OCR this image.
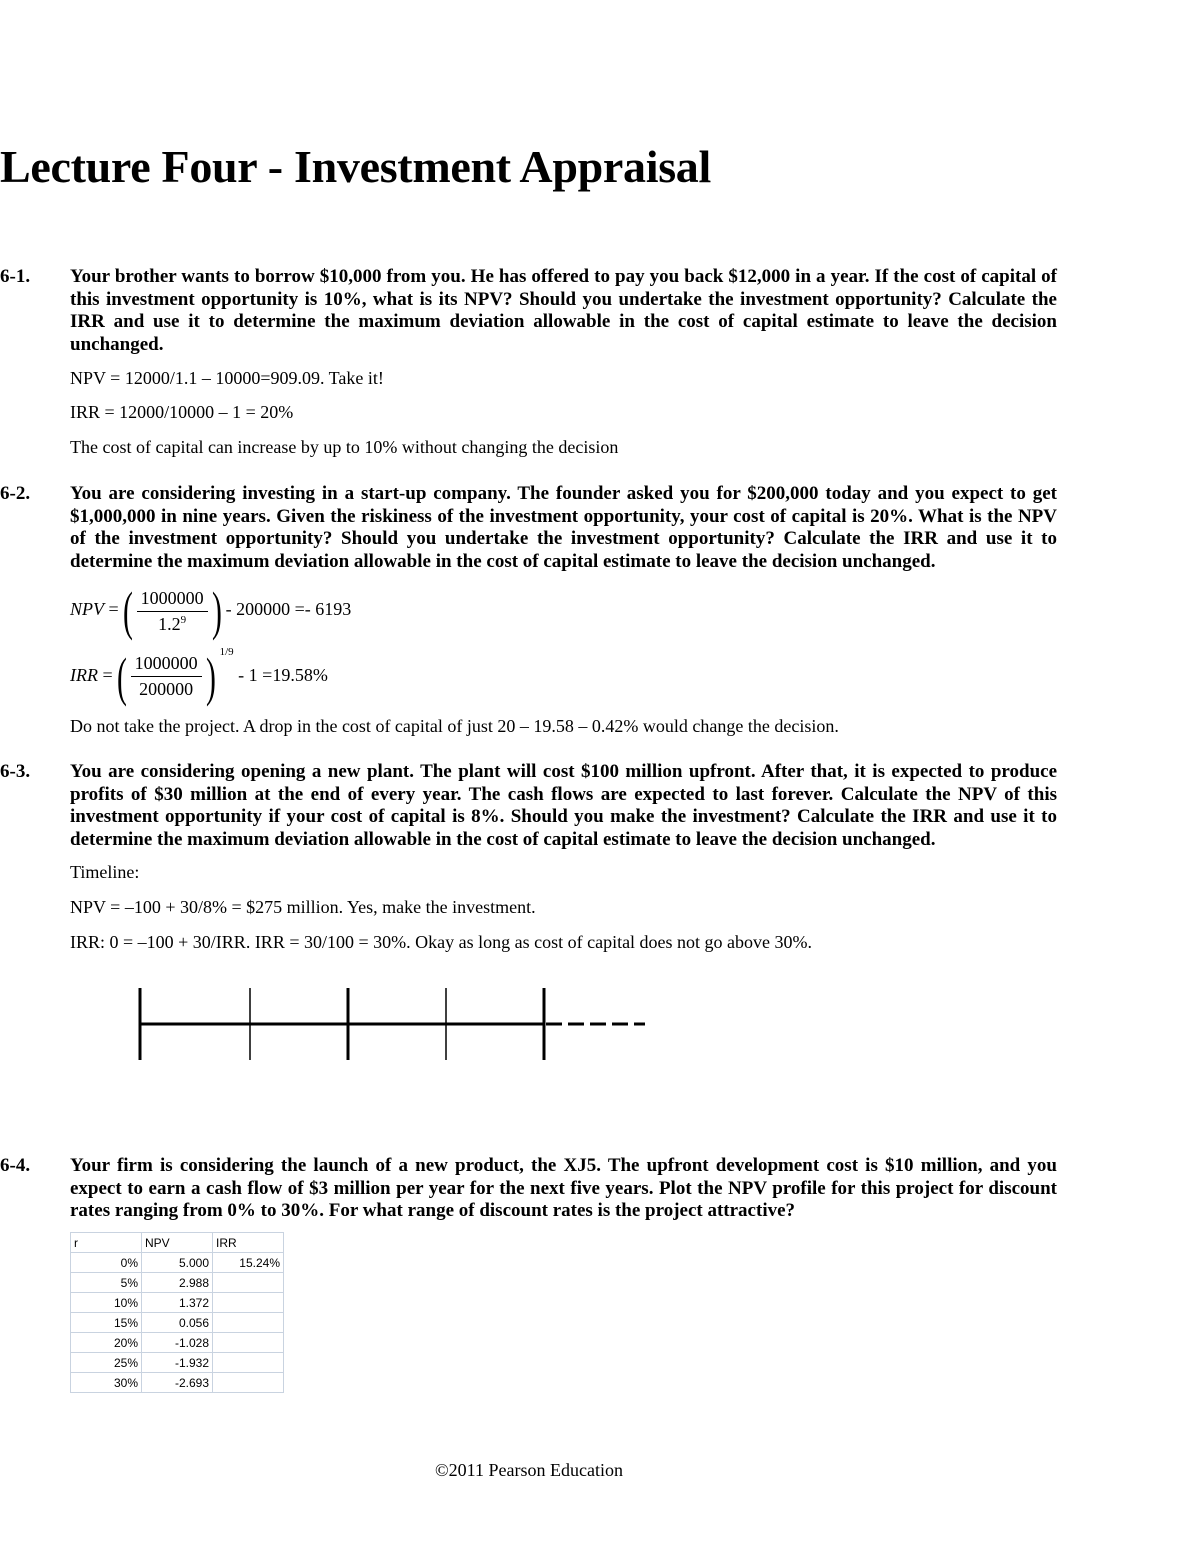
Lecture Four - Investment Appraisal
6-1. Your brother wants to borrow $10,000 from you. He has offered to pay you back $12,000 in a year. If the cost of capital of this investment opportunity is 10%, what is its NPV? Should you undertake the investment opportunity? Calculate the IRR and use it to determine the maximum deviation allowable in the cost of capital estimate to leave the decision unchanged.
NPV = 12000/1.1 – 10000=909.09. Take it!
IRR = 12000/10000 – 1 = 20%
The cost of capital can increase by up to 10% without changing the decision
6-2. You are considering investing in a start-up company. The founder asked you for $200,000 today and you expect to get $1,000,000 in nine years. Given the riskiness of the investment opportunity, your cost of capital is 20%. What is the NPV of the investment opportunity? Should you undertake the investment opportunity? Calculate the IRR and use it to determine the maximum deviation allowable in the cost of capital estimate to leave the decision unchanged.
NPV =( $\frac{1000000}{1.2^9}$ ) - 200000 =- 6193
IRR =( $\frac{1000000}{200000}$ ) $^{1/9}$ - 1 =19.58%
Do not take the project. A drop in the cost of capital of just 20 – 19.58 – 0.42% would change the decision.
6-3. You are considering opening a new plant. The plant will cost $100 million upfront. After that, it is expected to produce profits of $30 million at the end of every year. The cash flows are expected to last forever. Calculate the NPV of this investment opportunity if your cost of capital is 8%. Should you make the investment? Calculate the IRR and use it to determine the maximum deviation allowable in the cost of capital estimate to leave the decision unchanged.
Timeline:
NPV = –100 + 30/8% = $275 million. Yes, make the investment.
IRR: 0 = –100 + 30/IRR. IRR = 30/100 = 30%. Okay as long as cost of capital does not go above 30%.
6-4. Your firm is considering the launch of a new product, the XJ5. The upfront development cost is $10 million, and you expect to earn a cash flow of $3 million per year for the next five years. Plot the NPV profile for this project for discount rates ranging from 0% to 30%. For what range of discount rates is the project attractive?
r	NPV	IRR
0%	5.000	15.24%
5%	2.988	
10%	1.372	
15%	0.056	
20%	-1.028	
25%	-1.932	
30%	-2.693	
©2011 Pearson Education
